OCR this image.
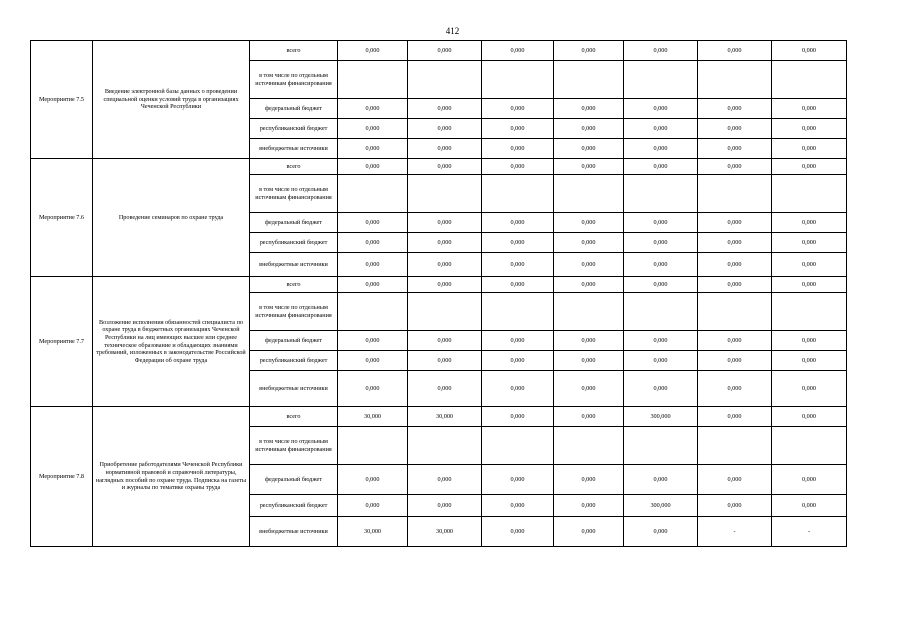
412
Мероприятие 7.5	Введение электронной базы данных о проведении специальной оценки условий труда в организациях Чеченской Республики	всего	0,000	0,000	0,000	0,000	0,000	0,000	0,000
		в том числе по отдельным источникам финансирования							
		федеральный бюджет	0,000	0,000	0,000	0,000	0,000	0,000	0,000
		республиканский бюджет	0,000	0,000	0,000	0,000	0,000	0,000	0,000
		внебюджетные источники	0,000	0,000	0,000	0,000	0,000	0,000	0,000
Мероприятие 7.6	Проведение семинаров по охране труда	всего	0,000	0,000	0,000	0,000	0,000	0,000	0,000
		в том числе по отдельным источникам финансирования							
		федеральный бюджет	0,000	0,000	0,000	0,000	0,000	0,000	0,000
		республиканский бюджет	0,000	0,000	0,000	0,000	0,000	0,000	0,000
		внебюджетные источники	0,000	0,000	0,000	0,000	0,000	0,000	0,000
Мероприятие 7.7	Возложение исполнения обязанностей специалиста по охране труда в бюджетных организациях Чеченской Республики на лиц имеющих высшее или среднее техническое образование и обладающих знаниями требований, изложенных в законодательстве Российской Федерации об охране труда	всего	0,000	0,000	0,000	0,000	0,000	0,000	0,000
		в том числе по отдельным источникам финансирования							
		федеральный бюджет	0,000	0,000	0,000	0,000	0,000	0,000	0,000
		республиканский бюджет	0,000	0,000	0,000	0,000	0,000	0,000	0,000
		внебюджетные источники	0,000	0,000	0,000	0,000	0,000	0,000	0,000
Мероприятие 7.8	Приобретение работодателями Чеченской Республики нормативной правовой и справочной литературы, наглядных пособий по охране труда. Подписка на газеты и журналы по тематике охраны труда	всего	30,000	30,000	0,000	0,000	300,000	0,000	0,000
		в том числе по отдельным источникам финансирования							
		федеральный бюджет	0,000	0,000	0,000	0,000	0,000	0,000	0,000
		республиканский бюджет	0,000	0,000	0,000	0,000	300,000	0,000	0,000
		внебюджетные источники	30,000	30,000	0,000	0,000	0,000	-	-
